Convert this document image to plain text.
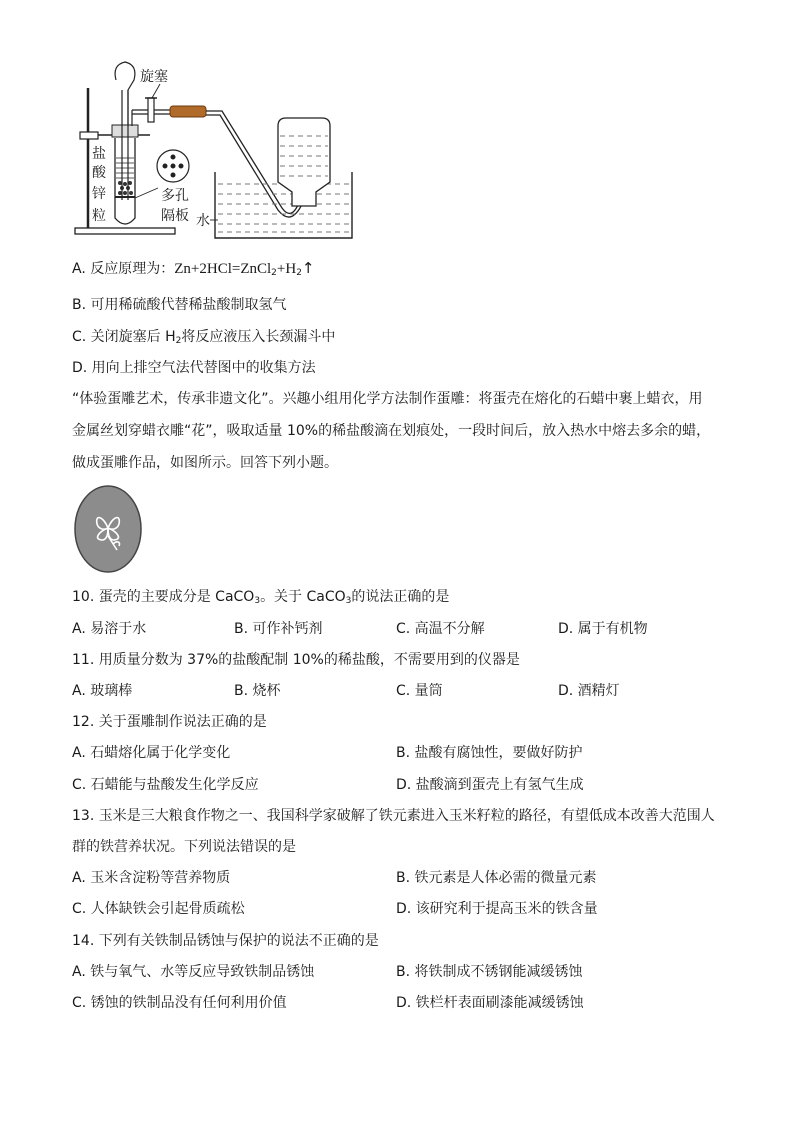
旋塞
盐
酸
锌
粒
多孔
隔板 水
A. 反应原理为：$Zn+2HCl=ZnCl_2+H_2↑$
B. 可用稀硫酸代替稀盐酸制取氢气
C. 关闭旋塞后 $H_2$将反应液压入长颈漏斗中
D. 用向上排空气法代替图中的收集方法
“体验蛋雕艺术，传承非遗文化”。兴趣小组用化学方法制作蛋雕：将蛋壳在熔化的石蜡中裹上蜡衣，用
金属丝划穿蜡衣雕“花”，吸取适量 10%的稀盐酸滴在划痕处，一段时间后，放入热水中熔去多余的蜡，
做成蛋雕作品，如图所示。回答下列小题。
10. 蛋壳的主要成分是 CaCO$_3$。关于 CaCO$_3$的说法正确的是
A. 易溶于水	B. 可作补钙剂	C. 高温不分解	D. 属于有机物
11. 用质量分数为 37%的盐酸配制 10%的稀盐酸，不需要用到的仪器是
A. 玻璃棒	B. 烧杯	C. 量筒	D. 酒精灯
12. 关于蛋雕制作说法正确的是
A. 石蜡熔化属于化学变化	B. 盐酸有腐蚀性，要做好防护
C. 石蜡能与盐酸发生化学反应	D. 盐酸滴到蛋壳上有氢气生成
13. 玉米是三大粮食作物之一、我国科学家破解了铁元素进入玉米籽粒的路径，有望低成本改善大范围人
群的铁营养状况。下列说法错误的是
A. 玉米含淀粉等营养物质	B. 铁元素是人体必需的微量元素
C. 人体缺铁会引起骨质疏松	D. 该研究利于提高玉米的铁含量
14. 下列有关铁制品锈蚀与保护的说法不正确的是
A. 铁与氧气、水等反应导致铁制品锈蚀	B. 将铁制成不锈钢能减缓锈蚀
C. 锈蚀的铁制品没有任何利用价值	D. 铁栏杆表面刷漆能减缓锈蚀
